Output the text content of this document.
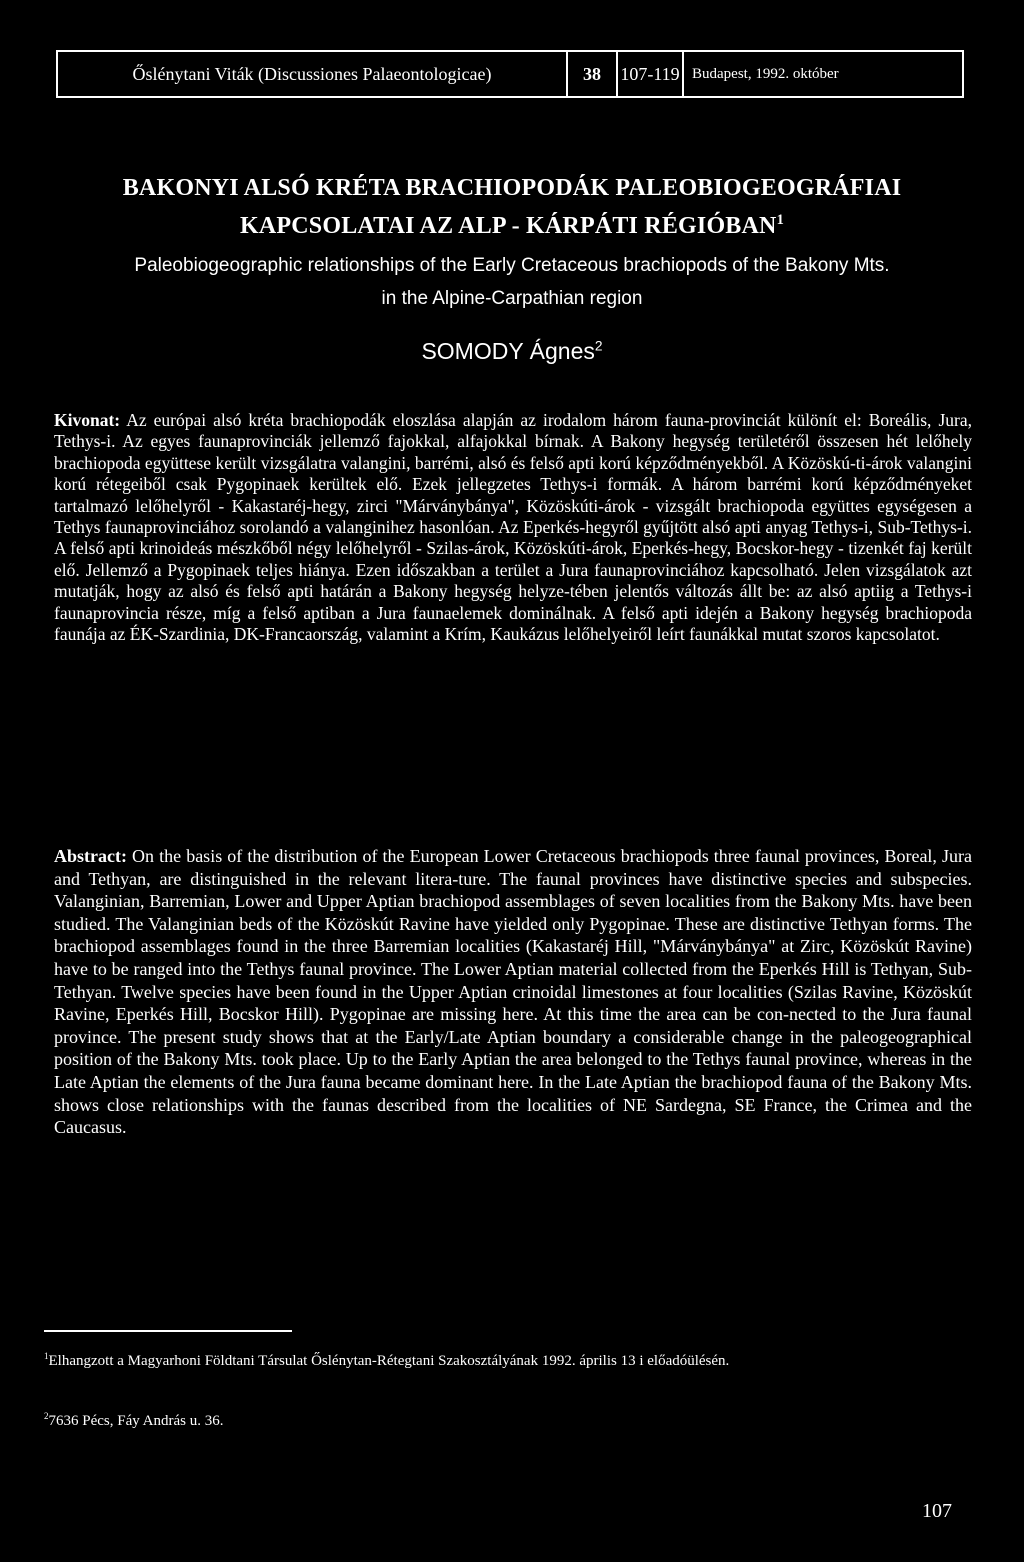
Őslénytani Viták (Discussiones Palaeontologicae)	38	107-119 Budapest, 1992. október
BAKONYI ALSÓ KRÉTA BRACHIOPODÁK PALEOBIOGEOGRÁFIAI
KAPCSOLATAI AZ ALP - KÁRPÁTI RÉGIÓBAN$^1$
Paleobiogeographic relationships of the Early Cretaceous brachiopods of the Bakony Mts.
in the Alpine-Carpathian region
SOMODY Ágnes$^2$
Kivonat: Az európai alsó kréta brachiopodák eloszlása alapján az irodalom három fauna-provinciát különít el: Boreális, Jura, Tethys-i. Az egyes faunaprovinciák jellemző fajokkal, alfajokkal bírnak. A Bakony hegység területéről összesen hét lelőhely brachiopoda együttese került vizsgálatra valangini, barrémi, alsó és felső apti korú képződményekből. A Közöskú-ti-árok valangini korú rétegeiből csak Pygopinaek kerültek elő. Ezek jellegzetes Tethys-i formák. A három barrémi korú képződményeket tartalmazó lelőhelyről - Kakastaréj-hegy, zirci "Márványbánya", Közöskúti-árok - vizsgált brachiopoda együttes egységesen a Tethys faunaprovinciához sorolandó a valanginihez hasonlóan. Az Eperkés-hegyről gyűjtött alsó apti anyag Tethys-i, Sub-Tethys-i. A felső apti krinoideás mészkőből négy lelőhelyről - Szilas-árok, Közöskúti-árok, Eperkés-hegy, Bocskor-hegy - tizenkét faj került elő. Jellemző a Pygopinaek teljes hiánya. Ezen időszakban a terület a Jura faunaprovinciához kapcsolható. Jelen vizsgálatok azt mutatják, hogy az alsó és felső apti határán a Bakony hegység helyze-tében jelentős változás állt be: az alsó aptiig a Tethys-i faunaprovincia része, míg a felső aptiban a Jura faunaelemek dominálnak. A felső apti idején a Bakony hegység brachiopoda faunája az ÉK-Szardinia, DK-Francaország, valamint a Krím, Kaukázus lelőhelyeiről leírt faunákkal mutat szoros kapcsolatot.
Abstract: On the basis of the distribution of the European Lower Cretaceous brachiopods three faunal provinces, Boreal, Jura and Tethyan, are distinguished in the relevant litera-ture. The faunal provinces have distinctive species and subspecies. Valanginian, Barremian, Lower and Upper Aptian brachiopod assemblages of seven localities from the Bakony Mts. have been studied. The Valanginian beds of the Közöskút Ravine have yielded only Pygopinae. These are distinctive Tethyan forms. The brachiopod assemblages found in the three Barremian localities (Kakastaréj Hill, "Márványbánya" at Zirc, Közöskút Ravine) have to be ranged into the Tethys faunal province. The Lower Aptian material collected from the Eperkés Hill is Tethyan, Sub-Tethyan. Twelve species have been found in the Upper Aptian crinoidal limestones at four localities (Szilas Ravine, Közöskút Ravine, Eperkés Hill, Bocskor Hill). Pygopinae are missing here. At this time the area can be con-nected to the Jura faunal province. The present study shows that at the Early/Late Aptian boundary a considerable change in the paleogeographical position of the Bakony Mts. took place. Up to the Early Aptian the area belonged to the Tethys faunal province, whereas in the Late Aptian the elements of the Jura fauna became dominant here. In the Late Aptian the brachiopod fauna of the Bakony Mts. shows close relationships with the faunas described from the localities of NE Sardegna, SE France, the Crimea and the Caucasus.
$^1$Elhangzott a Magyarhoni Földtani Társulat Őslénytan-Rétegtani Szakosztályának 1992. április 13 i előadóülésén.
$^2$7636 Pécs, Fáy András u. 36.
107
